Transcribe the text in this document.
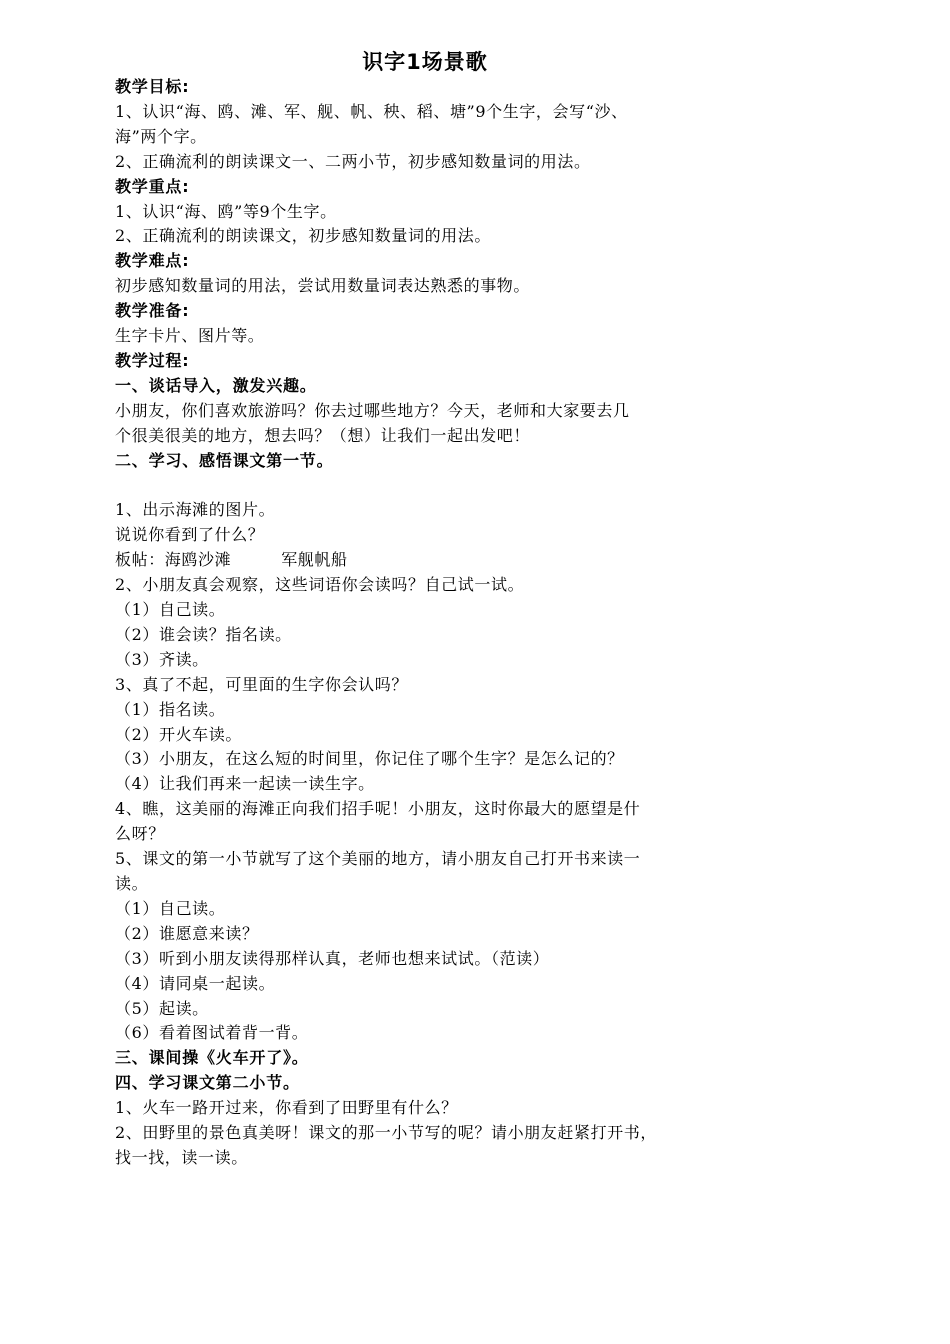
识字1场景歌
教学目标:
1、认识“海、鸥、滩、军、舰、帆、秧、稻、塘”9个生字，会写“沙、
海”两个字。
2、正确流利的朗读课文一、二两小节，初步感知数量词的用法。
教学重点:
1、认识“海、鸥”等9个生字。
2、正确流利的朗读课文，初步感知数量词的用法。
教学难点:
初步感知数量词的用法，尝试用数量词表达熟悉的事物。
教学准备:
生字卡片、图片等。
教学过程:
一、谈话导入，激发兴趣。
小朋友，你们喜欢旅游吗？你去过哪些地方？今天，老师和大家要去几
个很美很美的地方，想去吗？（想）让我们一起出发吧！
二、学习、感悟课文第一节。
1、出示海滩的图片。
说说你看到了什么？
板帖：海鸥沙滩	军舰帆船
2、小朋友真会观察，这些词语你会读吗？自己试一试。
（1）自己读。
（2）谁会读？指名读。
（3）齐读。
3、真了不起，可里面的生字你会认吗？
（1）指名读。
（2）开火车读。
（3）小朋友，在这么短的时间里，你记住了哪个生字？是怎么记的？
（4）让我们再来一起读一读生字。
4、瞧，这美丽的海滩正向我们招手呢！小朋友，这时你最大的愿望是什
么呀？
5、课文的第一小节就写了这个美丽的地方，请小朋友自己打开书来读一
读。
（1）自己读。
（2）谁愿意来读？
（3）听到小朋友读得那样认真，老师也想来试试。（范读）
（4）请同桌一起读。
（5）起读。
（6）看着图试着背一背。
三、课间操《火车开了》。
四、学习课文第二小节。
1、火车一路开过来，你看到了田野里有什么？
2、田野里的景色真美呀！课文的那一小节写的呢？请小朋友赶紧打开书，
找一找，读一读。
